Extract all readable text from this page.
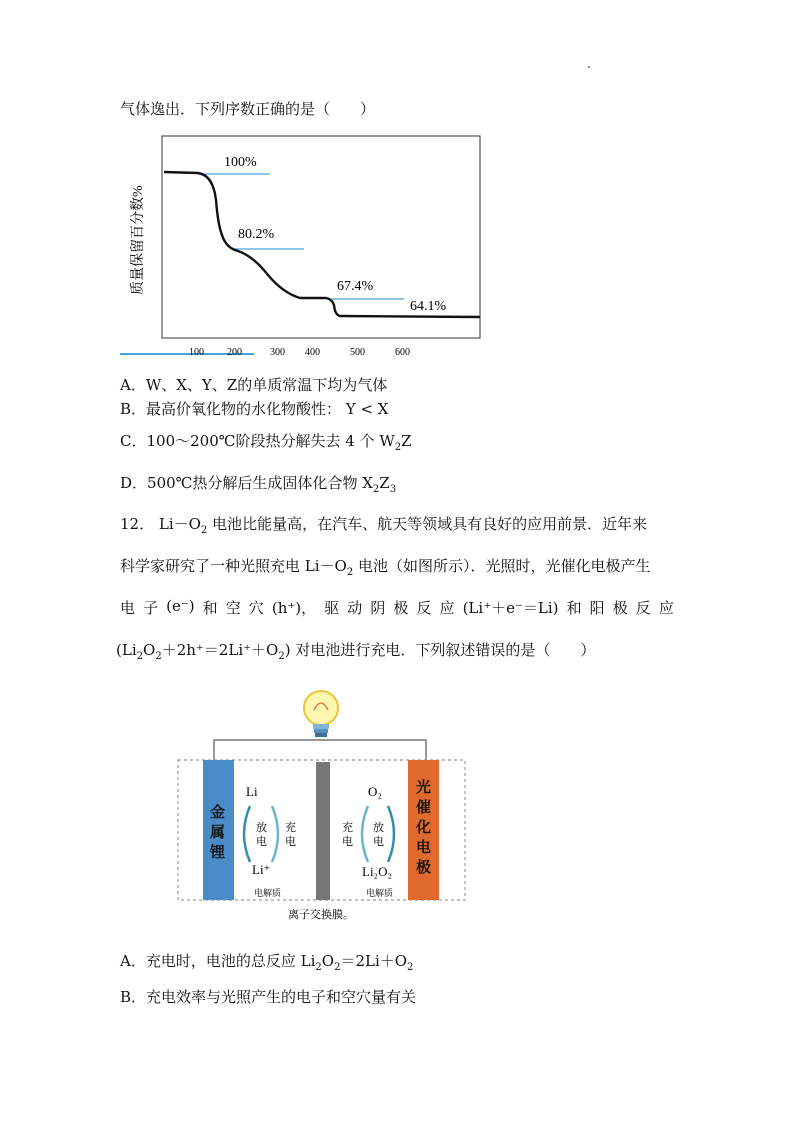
气体逸出．下列序数正确的是（　　）
质量保留百分数%
100%
80.2%
67.4%
64.1%
100 200	300 400	500	600
A．W、X、Y、Z的单质常温下均为气体
B．最高价氧化物的水化物酸性： Y < X
C．100～200℃阶段热分解失去 4 个 $W_2Z$
D．500℃热分解后生成固体化合物 $X_2Z_3$
12． $Li-O_2$ 电池比能量高，在汽车、航天等领域具有良好的应用前景．近年来
科学家研究了一种光照充电 $Li-O_2$ 电池（如图所示）．光照时，光催化电极产生
电 子 (e⁻) 和 空 穴 (h⁺)， 驱 动 阴 极 反 应 (Li⁺＋e⁻＝Li) 和 阳 极 反 应
$(Li_2O_2+2h^+=2Li^++O_2)$ 对电池进行充电．下列叙述错误的是（　　）
金
属
锂
光
催
化
电
极
Li
放
电
充
电
Li⁺
电解质
O₂
充
电
放
电
Li₂O₂
电解质
离子交换膜。
A．充电时，电池的总反应 $Li_2O_2=2Li+O_2$
B．充电效率与光照产生的电子和空穴量有关
